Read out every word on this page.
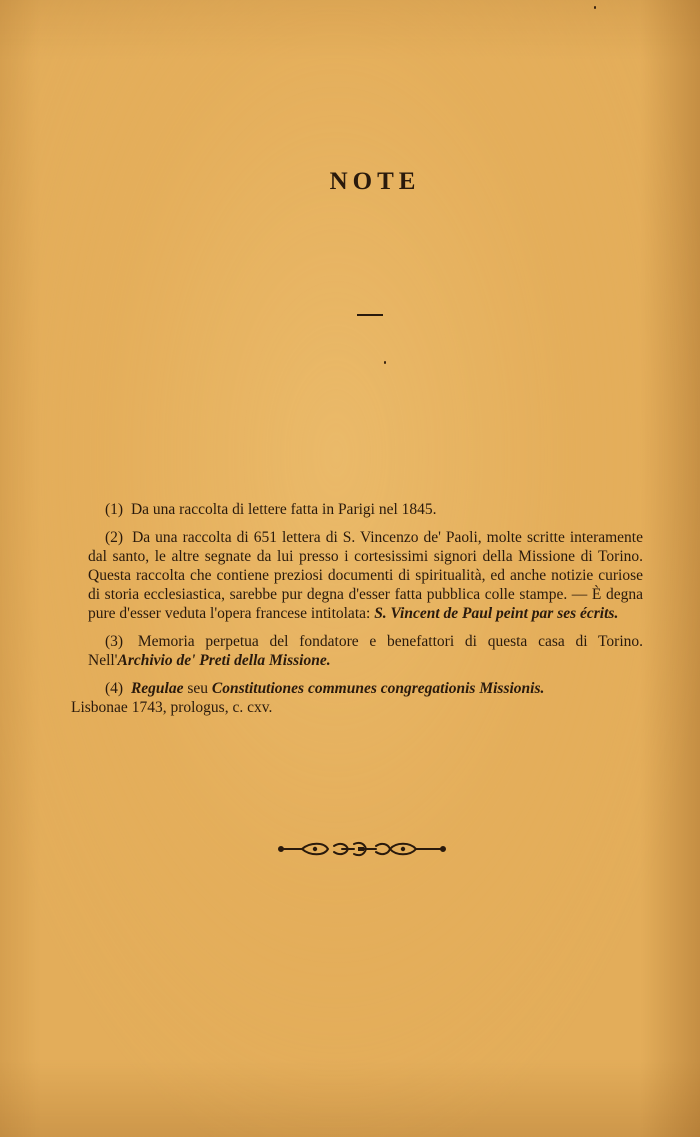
NOTE

(1) Da una raccolta di lettere fatta in Parigi nel 1845.

(2) Da una raccolta di 651 lettera di S. Vincenzo de' Paoli, molte scritte interamente dal santo, le altre segnate da lui presso i cortesissimi signori della Missione di Torino. Questa raccolta che contiene preziosi documenti di spiritualità, ed anche notizie curiose di storia ecclesiastica, sarebbe pur degna d'esser fatta pubblica colle stampe. — È degna pure d'esser veduta l'opera francese intitolata: S. Vincent de Paul peint par ses écrits.

(3) Memoria perpetua del fondatore e benefattori di questa casa di Torino. Nell'Archivio de' Preti della Missione.

(4) Regulae seu Constitutiones communes congregationis Missionis.
Lisbonae 1743, prologus, c. cxv.
